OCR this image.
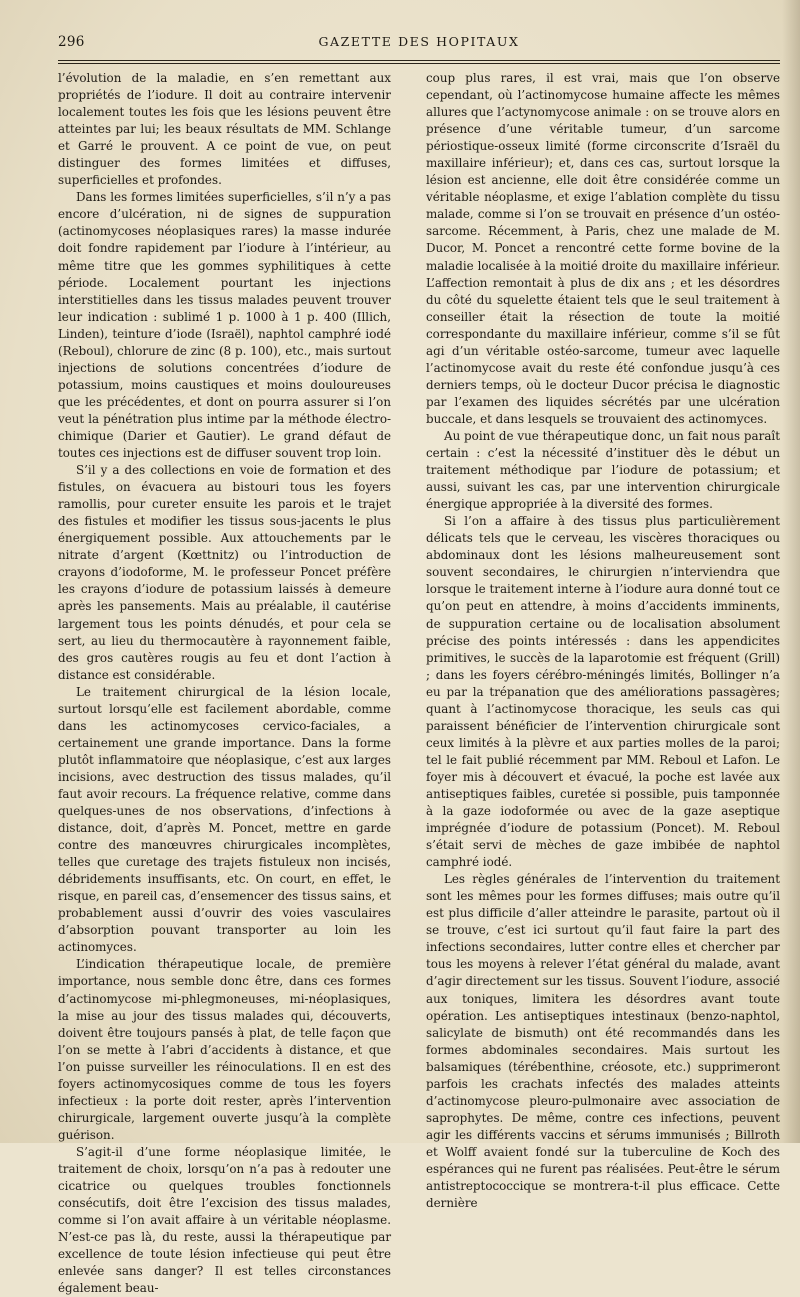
296	GAZETTE DES HOPITAUX

l’évolution de la maladie, en s’en remettant aux propriétés de l’iodure. Il doit au contraire intervenir localement toutes les fois que les lésions peuvent être atteintes par lui; les beaux résultats de MM. Schlange et Garré le prouvent. A ce point de vue, on peut distinguer des formes limitées et diffuses, superficielles et profondes.

Dans les formes limitées superficielles, s’il n’y a pas encore d’ulcération, ni de signes de suppuration (actinomycoses néoplasiques rares) la masse indurée doit fondre rapidement par l’iodure à l’intérieur, au même titre que les gommes syphilitiques à cette période. Localement pourtant les injections interstitielles dans les tissus malades peuvent trouver leur indication : sublimé 1 p. 1000 à 1 p. 400 (Illich, Linden), teinture d’iode (Israël), naphtol camphré iodé (Reboul), chlorure de zinc (8 p. 100), etc., mais surtout injections de solutions concentrées d’iodure de potassium, moins caustiques et moins douloureuses que les précédentes, et dont on pourra assurer si l’on veut la pénétration plus intime par la méthode électro-chimique (Darier et Gautier). Le grand défaut de toutes ces injections est de diffuser souvent trop loin.

S’il y a des collections en voie de formation et des fistules, on évacuera au bistouri tous les foyers ramollis, pour cureter ensuite les parois et le trajet des fistules et modifier les tissus sous-jacents le plus énergiquement possible. Aux attouchements par le nitrate d’argent (Kœttnitz) ou l’introduction de crayons d’iodoforme, M. le professeur Poncet préfère les crayons d’iodure de potassium laissés à demeure après les pansements. Mais au préalable, il cautérise largement tous les points dénudés, et pour cela se sert, au lieu du thermocautère à rayonnement faible, des gros cautères rougis au feu et dont l’action à distance est considérable.

Le traitement chirurgical de la lésion locale, surtout lorsqu’elle est facilement abordable, comme dans les actinomycoses cervico-faciales, a certainement une grande importance. Dans la forme plutôt inflammatoire que néoplasique, c’est aux larges incisions, avec destruction des tissus malades, qu’il faut avoir recours. La fréquence relative, comme dans quelques-unes de nos observations, d’infections à distance, doit, d’après M. Poncet, mettre en garde contre des manœuvres chirurgicales incomplètes, telles que curetage des trajets fistuleux non incisés, débridements insuffisants, etc. On court, en effet, le risque, en pareil cas, d’ensemencer des tissus sains, et probablement aussi d’ouvrir des voies vasculaires d’absorption pouvant transporter au loin les actinomyces.

L’indication thérapeutique locale, de première importance, nous semble donc être, dans ces formes d’actinomycose mi-phlegmoneuses, mi-néoplasiques, la mise au jour des tissus malades qui, découverts, doivent être toujours pansés à plat, de telle façon que l’on se mette à l’abri d’accidents à distance, et que l’on puisse surveiller les réinoculations. Il en est des foyers actinomycosiques comme de tous les foyers infectieux : la porte doit rester, après l’intervention chirurgicale, largement ouverte jusqu’à la complète guérison.

S’agit-il d’une forme néoplasique limitée, le traitement de choix, lorsqu’on n’a pas à redouter une cicatrice ou quelques troubles fonctionnels consécutifs, doit être l’excision des tissus malades, comme si l’on avait affaire à un véritable néoplasme. N’est-ce pas là, du reste, aussi la thérapeutique par excellence de toute lésion infectieuse qui peut être enlevée sans danger? Il est telles circonstances également beau-

coup plus rares, il est vrai, mais que l’on observe cependant, où l’actinomycose humaine affecte les mêmes allures que l’actynomycose animale : on se trouve alors en présence d’une véritable tumeur, d’un sarcome périostique-osseux limité (forme circonscrite d’Israël du maxillaire inférieur); et, dans ces cas, surtout lorsque la lésion est ancienne, elle doit être considérée comme un véritable néoplasme, et exige l’ablation complète du tissu malade, comme si l’on se trouvait en présence d’un ostéo-sarcome. Récemment, à Paris, chez une malade de M. Ducor, M. Poncet a rencontré cette forme bovine de la maladie localisée à la moitié droite du maxillaire inférieur. L’affection remontait à plus de dix ans ; et les désordres du côté du squelette étaient tels que le seul traitement à conseiller était la résection de toute la moitié correspondante du maxillaire inférieur, comme s’il se fût agi d’un véritable ostéo-sarcome, tumeur avec laquelle l’actinomycose avait du reste été confondue jusqu’à ces derniers temps, où le docteur Ducor précisa le diagnostic par l’examen des liquides sécrétés par une ulcération buccale, et dans lesquels se trouvaient des actinomyces.

Au point de vue thérapeutique donc, un fait nous paraît certain : c’est la nécessité d’instituer dès le début un traitement méthodique par l’iodure de potassium; et aussi, suivant les cas, par une intervention chirurgicale énergique appropriée à la diversité des formes.

Si l’on a affaire à des tissus plus particulièrement délicats tels que le cerveau, les viscères thoraciques ou abdominaux dont les lésions malheureusement sont souvent secondaires, le chirurgien n’interviendra que lorsque le traitement interne à l’iodure aura donné tout ce qu’on peut en attendre, à moins d’accidents imminents, de suppuration certaine ou de localisation absolument précise des points intéressés : dans les appendicites primitives, le succès de la laparotomie est fréquent (Grill) ; dans les foyers cérébro-méningés limités, Bollinger n’a eu par la trépanation que des améliorations passagères; quant à l’actinomycose thoracique, les seuls cas qui paraissent bénéficier de l’intervention chirurgicale sont ceux limités à la plèvre et aux parties molles de la paroi; tel le fait publié récemment par MM. Reboul et Lafon. Le foyer mis à découvert et évacué, la poche est lavée aux antiseptiques faibles, curetée si possible, puis tamponnée à la gaze iodoformée ou avec de la gaze aseptique imprégnée d’iodure de potassium (Poncet). M. Reboul s’était servi de mèches de gaze imbibée de naphtol camphré iodé.

Les règles générales de l’intervention du traitement sont les mêmes pour les formes diffuses; mais outre qu’il est plus difficile d’aller atteindre le parasite, partout où il se trouve, c’est ici surtout qu’il faut faire la part des infections secondaires, lutter contre elles et chercher par tous les moyens à relever l’état général du malade, avant d’agir directement sur les tissus. Souvent l’iodure, associé aux toniques, limitera les désordres avant toute opération. Les antiseptiques intestinaux (benzo-naphtol, salicylate de bismuth) ont été recommandés dans les formes abdominales secondaires. Mais surtout les balsamiques (térébenthine, créosote, etc.) supprimeront parfois les crachats infectés des malades atteints d’actinomycose pleuro-pulmonaire avec association de saprophytes. De même, contre ces infections, peuvent agir les différents vaccins et sérums immunisés ; Billroth et Wolff avaient fondé sur la tuberculine de Koch des espérances qui ne furent pas réalisées. Peut-être le sérum antistreptococcique se montrera-t-il plus efficace. Cette dernière
